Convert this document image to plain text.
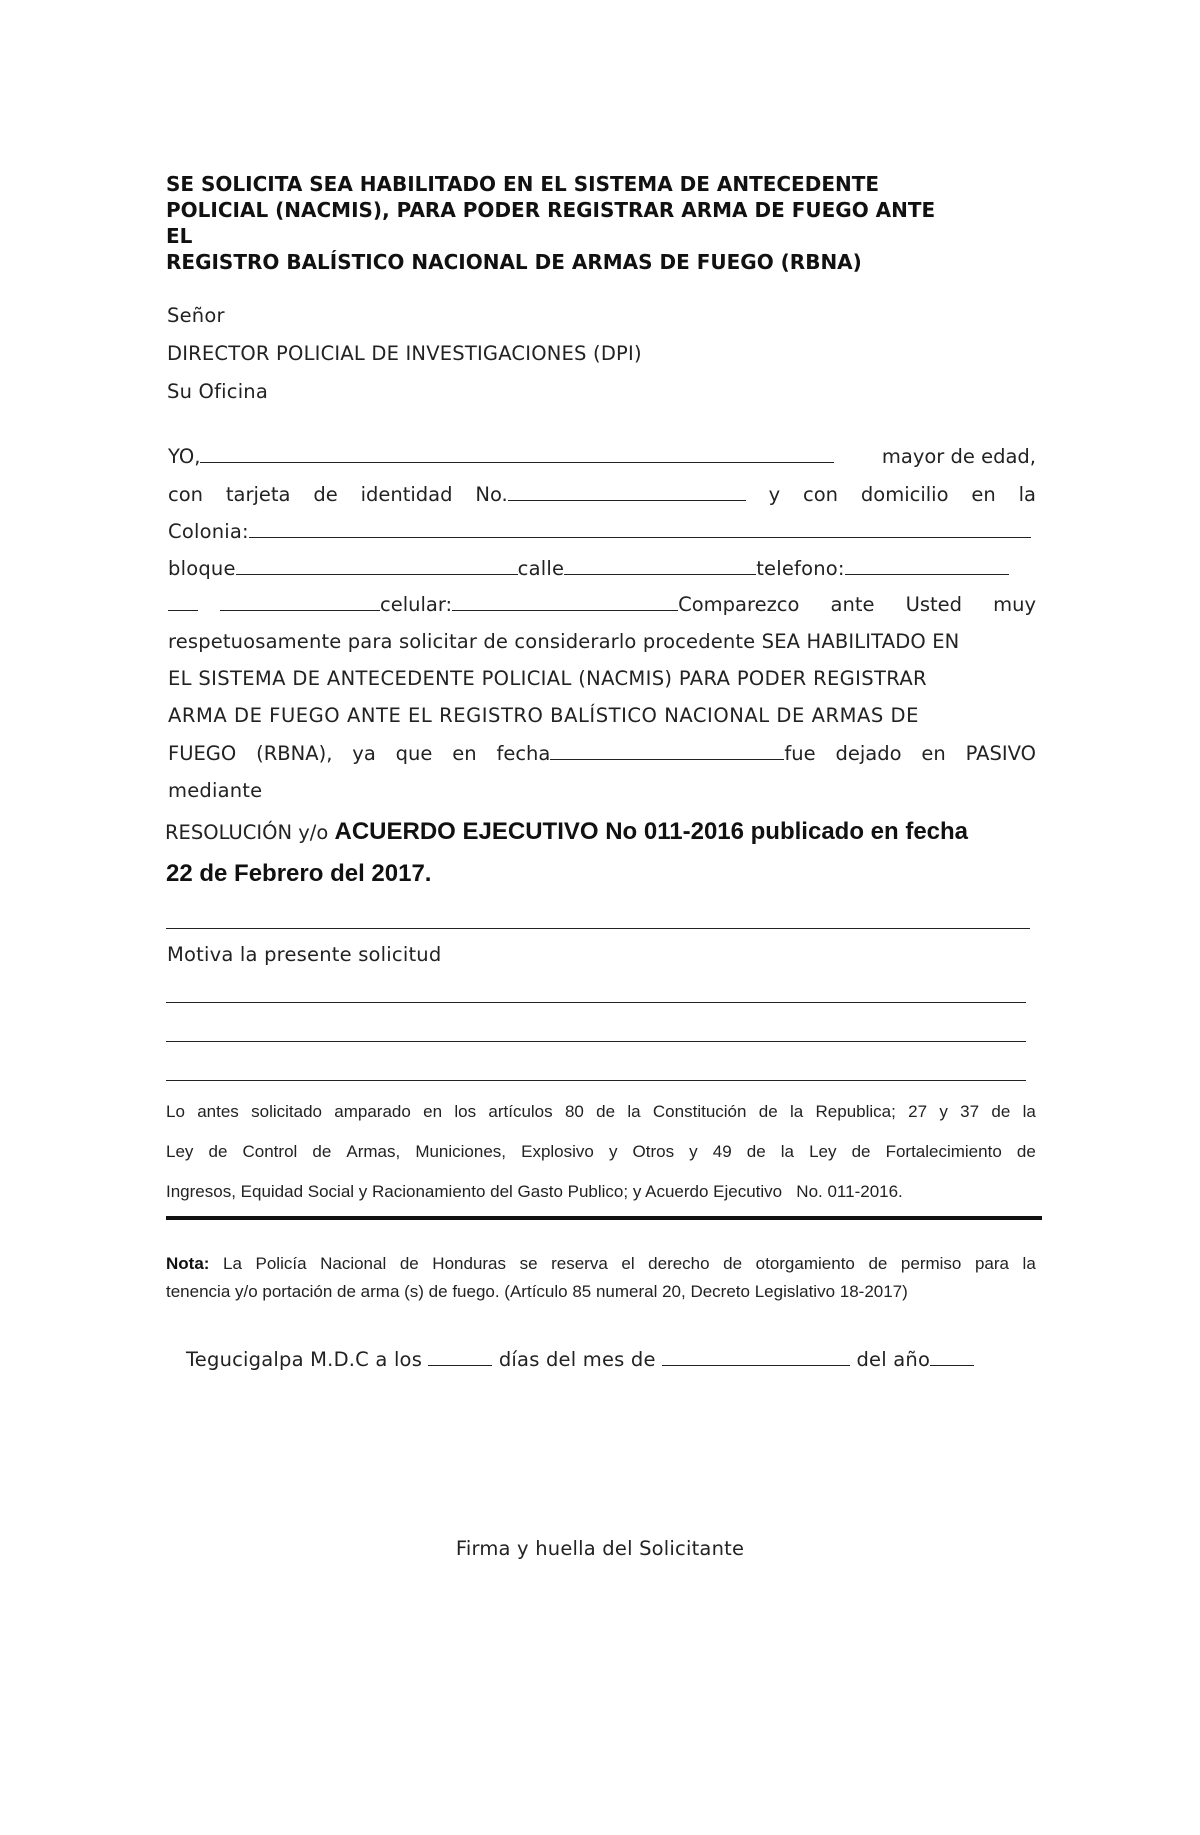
SE SOLICITA SEA HABILITADO EN EL SISTEMA DE ANTECEDENTE
POLICIAL (NACMIS), PARA PODER REGISTRAR ARMA DE FUEGO ANTE
EL
REGISTRO BALÍSTICO NACIONAL DE ARMAS DE FUEGO (RBNA)
Señor
DIRECTOR POLICIAL DE INVESTIGACIONES (DPI)
Su Oficina
YO,	mayor de edad,
con tarjeta de identidad No.	y con domicilio en la
Colonia:
bloque	calle	telefono:
celular:	Comparezco ante Usted muy
respetuosamente para solicitar de considerarlo procedente SEA HABILITADO EN
EL SISTEMA DE ANTECEDENTE POLICIAL (NACMIS) PARA PODER REGISTRAR
ARMA DE FUEGO ANTE EL REGISTRO BALÍSTICO NACIONAL DE ARMAS DE
FUEGO (RBNA), ya que en fecha	fue dejado en PASIVO
mediante
RESOLUCIÓN y/o ACUERDO EJECUTIVO No 011-2016 publicado en fecha
22 de Febrero del 2017.
Motiva la presente solicitud
Lo antes solicitado amparado en los artículos 80 de la Constitución de la Republica; 27 y 37 de la
Ley de Control de Armas, Municiones, Explosivo y Otros y 49 de la Ley de Fortalecimiento de
Ingresos, Equidad Social y Racionamiento del Gasto Publico; y Acuerdo Ejecutivo   No. 011-2016.
Nota: La Policía Nacional de Honduras se reserva el derecho de otorgamiento de permiso para la
tenencia y/o portación de arma (s) de fuego. (Artículo 85 numeral 20, Decreto Legislativo 18-2017)
Tegucigalpa M.D.C a los	días del mes de	del año
Firma y huella del Solicitante
